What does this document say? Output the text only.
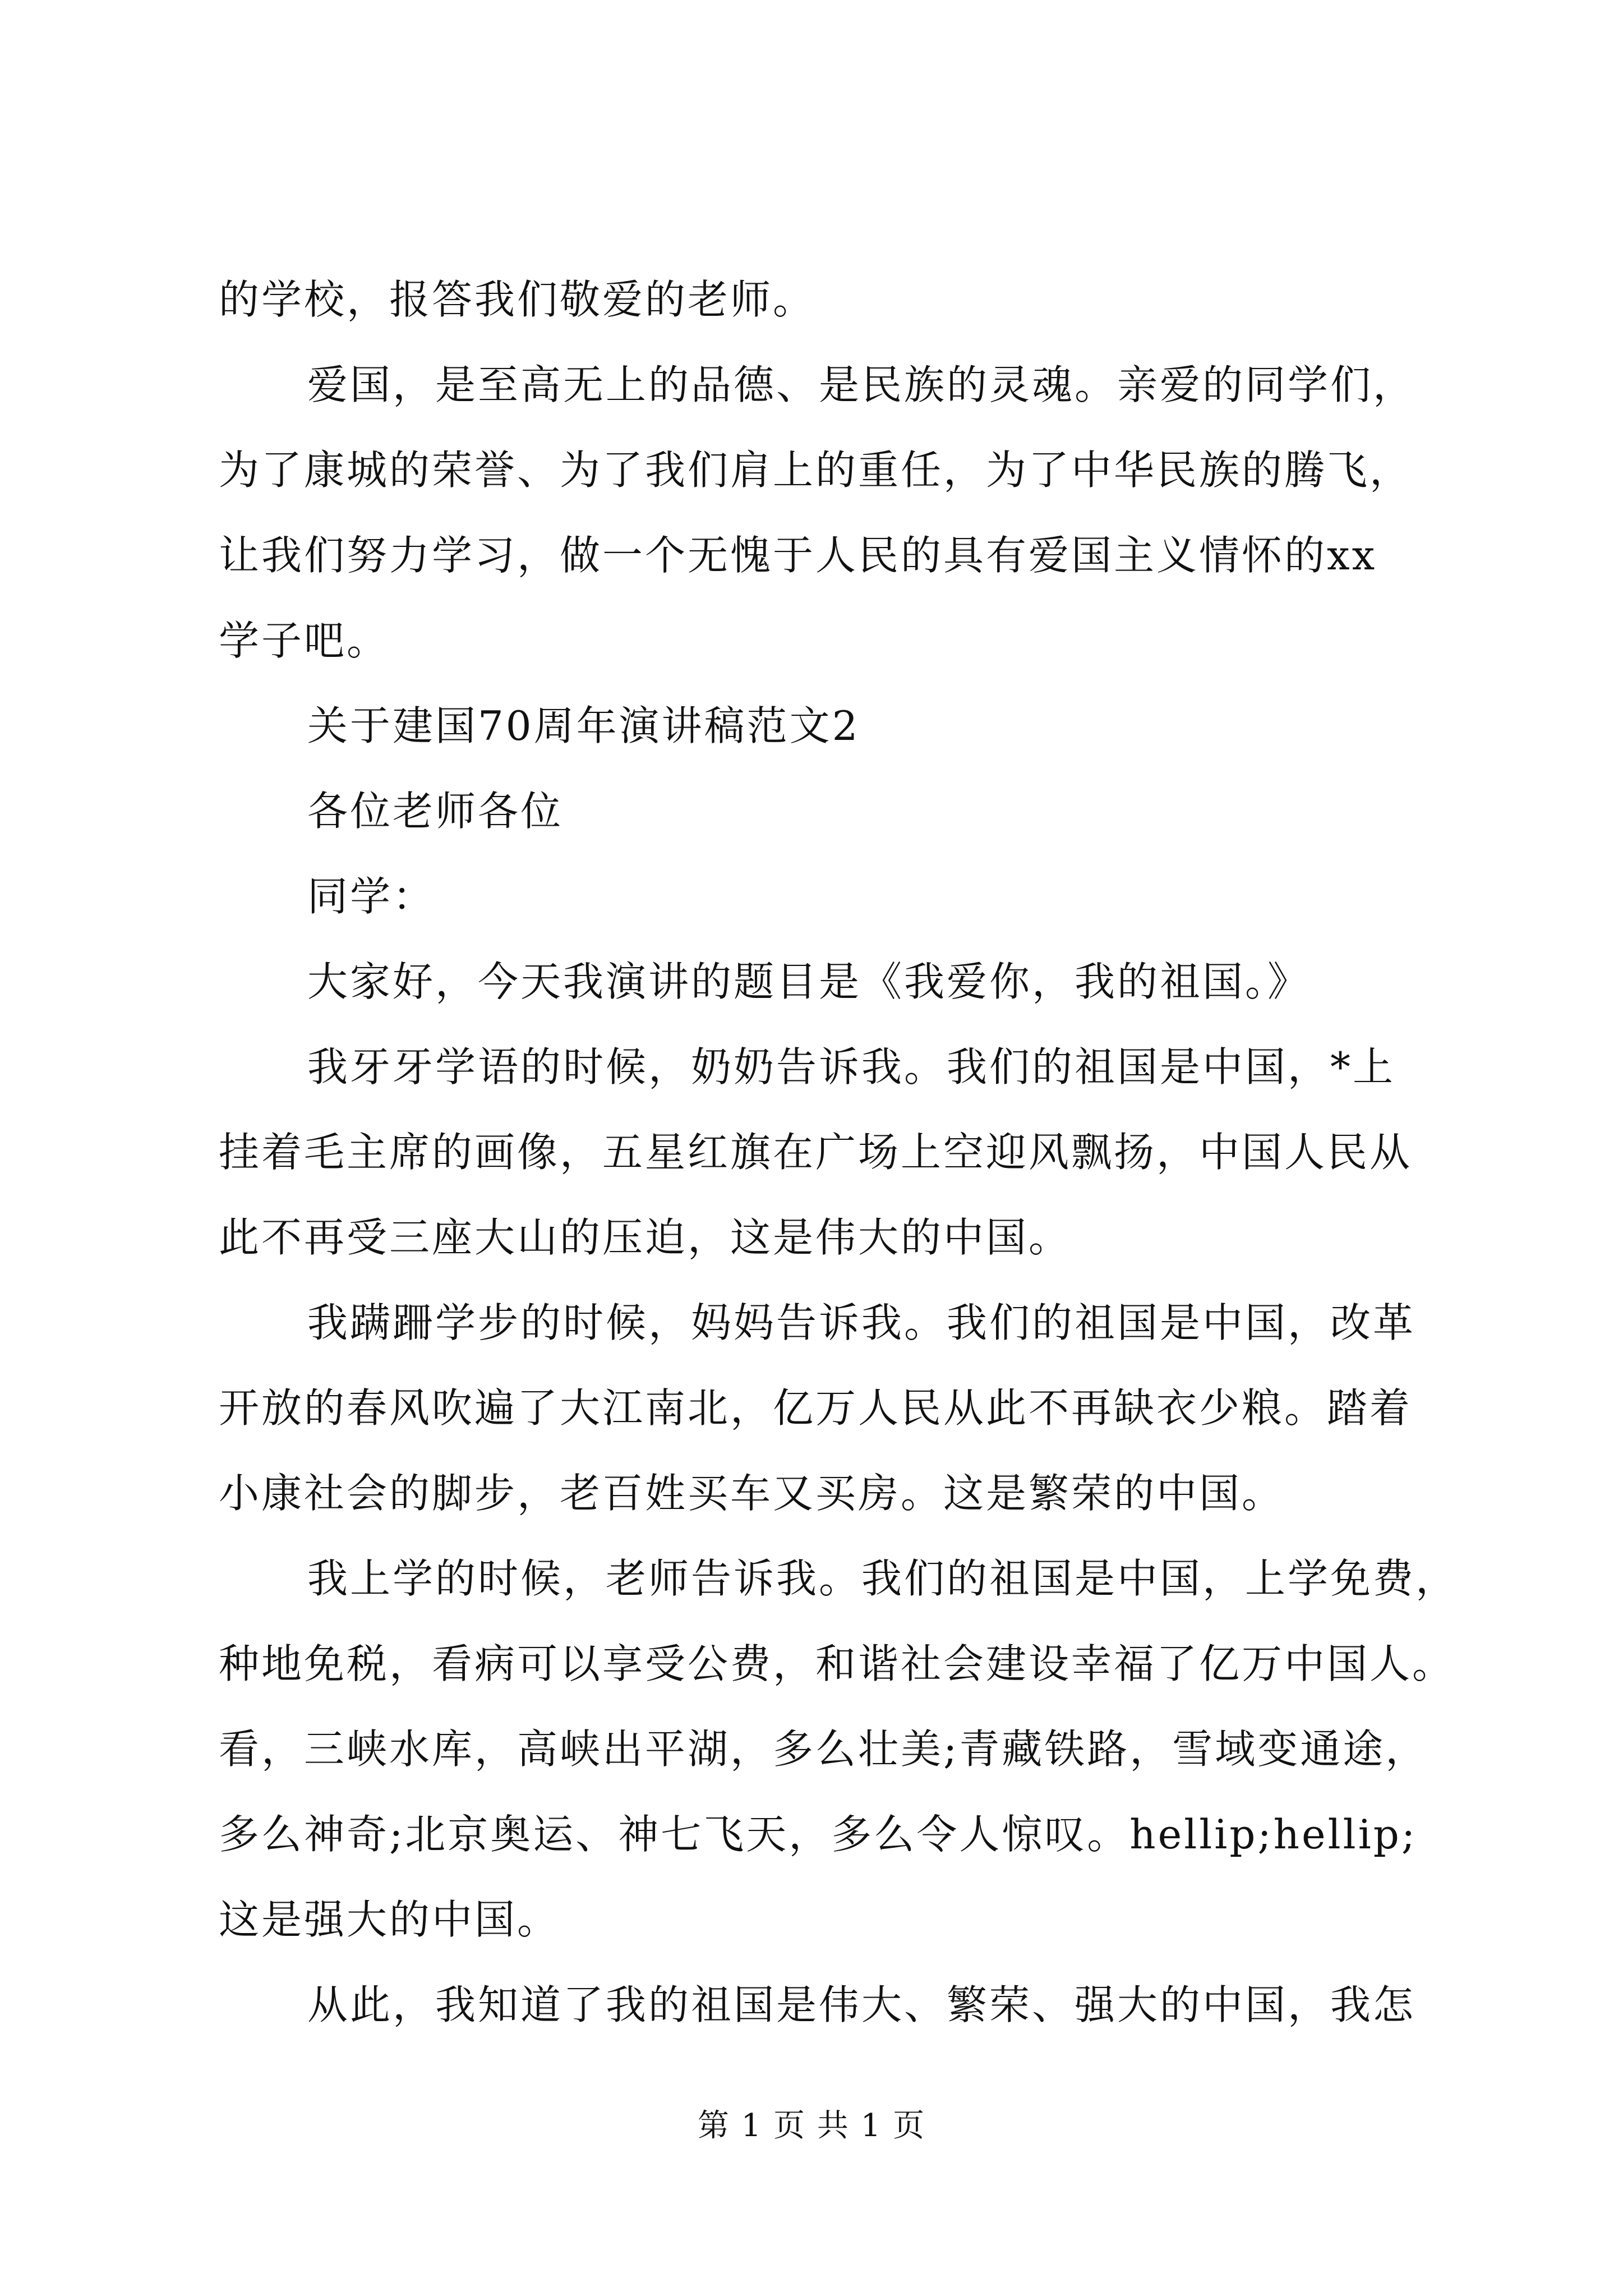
的学校，报答我们敬爱的老师。
爱国，是至高无上的品德、是民族的灵魂。亲爱的同学们，
为了康城的荣誉、为了我们肩上的重任，为了中华民族的腾飞，
让我们努力学习，做一个无愧于人民的具有爱国主义情怀的xx
学子吧。
关于建国70周年演讲稿范文2
各位老师各位
同学：
大家好，今天我演讲的题目是《我爱你，我的祖国。》
我牙牙学语的时候，奶奶告诉我。我们的祖国是中国，*上
挂着毛主席的画像，五星红旗在广场上空迎风飘扬，中国人民从
此不再受三座大山的压迫，这是伟大的中国。
我蹒跚学步的时候，妈妈告诉我。我们的祖国是中国，改革
开放的春风吹遍了大江南北，亿万人民从此不再缺衣少粮。踏着
小康社会的脚步，老百姓买车又买房。这是繁荣的中国。
我上学的时候，老师告诉我。我们的祖国是中国，上学免费，
种地免税，看病可以享受公费，和谐社会建设幸福了亿万中国人。
看，三峡水库，高峡出平湖，多么壮美;青藏铁路，雪域变通途，
多么神奇;北京奥运、神七飞天，多么令人惊叹。hellip;hellip;
这是强大的中国。
从此，我知道了我的祖国是伟大、繁荣、强大的中国，我怎
第 1 页 共 1 页
